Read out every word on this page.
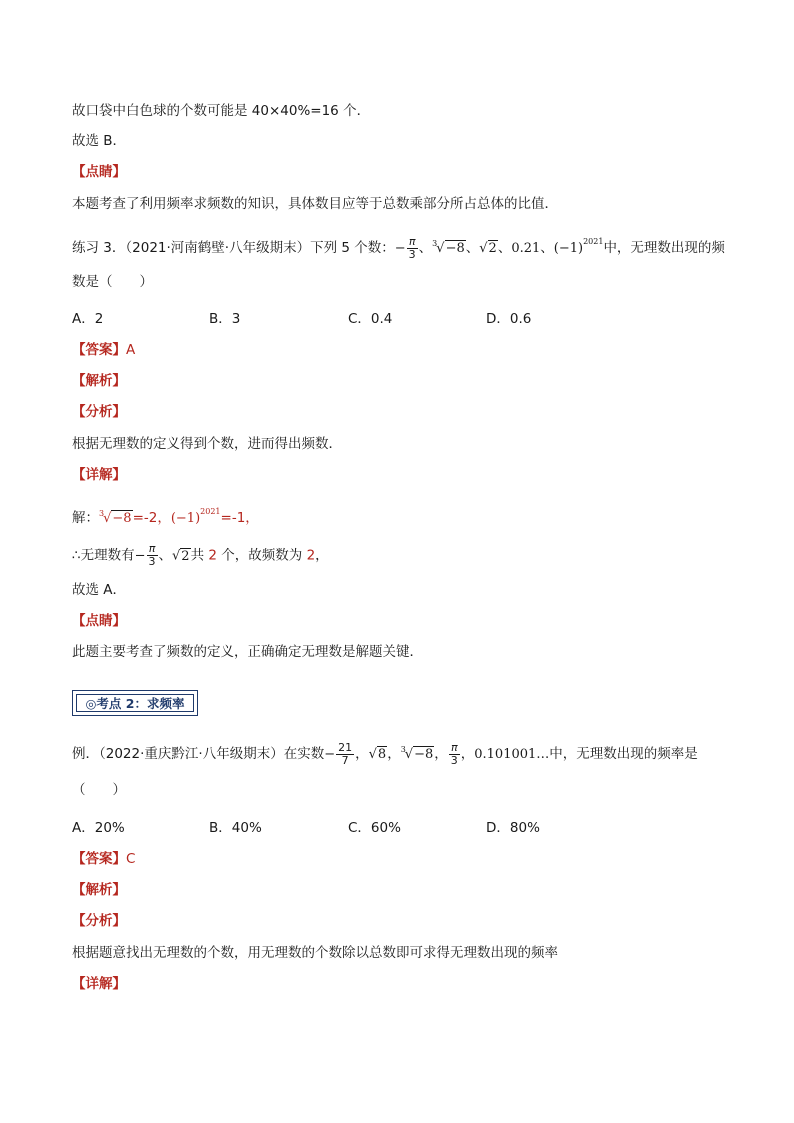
故口袋中白色球的个数可能是 40×40%=16 个．
故选 B．
【点睛】
本题考查了利用频率求频数的知识，具体数目应等于总数乘部分所占总体的比值．
练习 3．（2021·河南鹤壁·八年级期末）下列 5 个数：− $\frac{\pi}{3}$ 、$^3$√−8、√2、0.21、$(-1)^{2021}$中，无理数出现的频
数是（　　）
A．2	B．3	C．0.4	D．0.6
【答案】A
【解析】
【分析】
根据无理数的定义得到个数，进而得出频数．
【详解】
解：$^3$√−8=-2，$(-1)^{2021}=-1$，
∴无理数有− $\frac{\pi}{3}$ 、√2共 2 个，故频数为 2，
故选 A．
【点睛】
此题主要考查了频数的定义，正确确定无理数是解题关键．
◎考点 2：求频率
例．（2022·重庆黔江·八年级期末）在实数− $\frac{21}{7}$ ，√8，$^3$√−8， $\frac{\pi}{3}$ ，0.101001…中，无理数出现的频率是
（　　）
A．20%	B．40%	C．60%	D．80%
【答案】C
【解析】
【分析】
根据题意找出无理数的个数，用无理数的个数除以总数即可求得无理数出现的频率
【详解】
